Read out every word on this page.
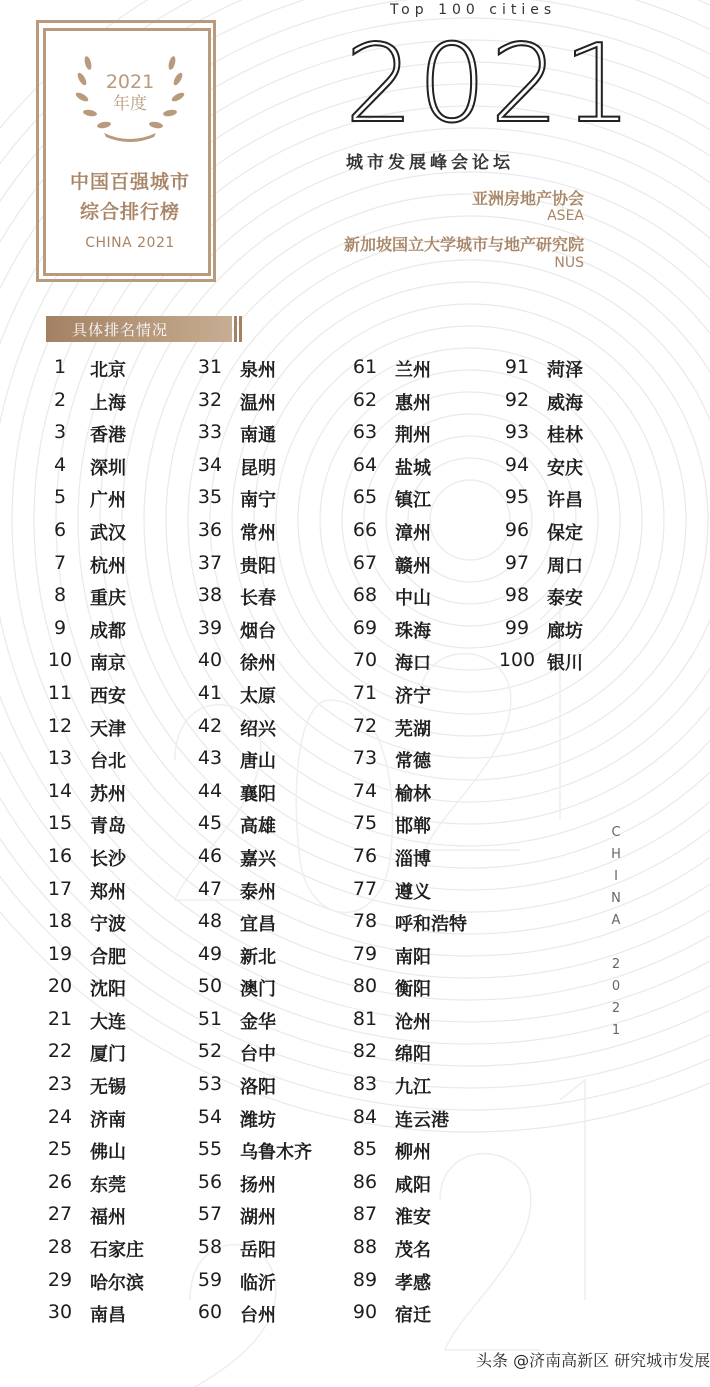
2021
年度
中国百强城市
综合排行榜
CHINA 2021
Top 100 cities
2021
城市发展峰会论坛
亚洲房地产协会
ASEA
新加坡国立大学城市与地产研究院
NUS
具体排名情况
1	北京
2	上海
3	香港
4	深圳
5	广州
6	武汉
7	杭州
8	重庆
9	成都
10 南京
11 西安
12 天津
13 台北
14 苏州
15 青岛
16 长沙
17 郑州
18 宁波
19 合肥
20 沈阳
21 大连
22 厦门
23 无锡
24 济南
25 佛山
26 东莞
27 福州
28 石家庄
29 哈尔滨
30 南昌
31 泉州
32 温州
33 南通
34 昆明
35 南宁
36 常州
37 贵阳
38 长春
39 烟台
40 徐州
41 太原
42 绍兴
43 唐山
44 襄阳
45 高雄
46 嘉兴
47 泰州
48 宜昌
49 新北
50 澳门
51 金华
52 台中
53 洛阳
54 潍坊
55 乌鲁木齐
56 扬州
57 湖州
58 岳阳
59 临沂
60 台州
61 兰州
62 惠州
63 荆州
64 盐城
65 镇江
66 漳州
67 赣州
68 中山
69 珠海
70 海口
71 济宁
72 芜湖
73 常德
74 榆林
75 邯郸
76 淄博
77 遵义
78 呼和浩特
79 南阳
80 衡阳
81 沧州
82 绵阳
83 九江
84 连云港
85 柳州
86 咸阳
87 淮安
88 茂名
89 孝感
90 宿迁
91 菏泽
92 威海
93 桂林
94 安庆
95 许昌
96 保定
97 周口
98 泰安
99 廊坊
100 银川
C
H
I
N
A

2
0
2
1
头条 @济南高新区 研究城市发展
